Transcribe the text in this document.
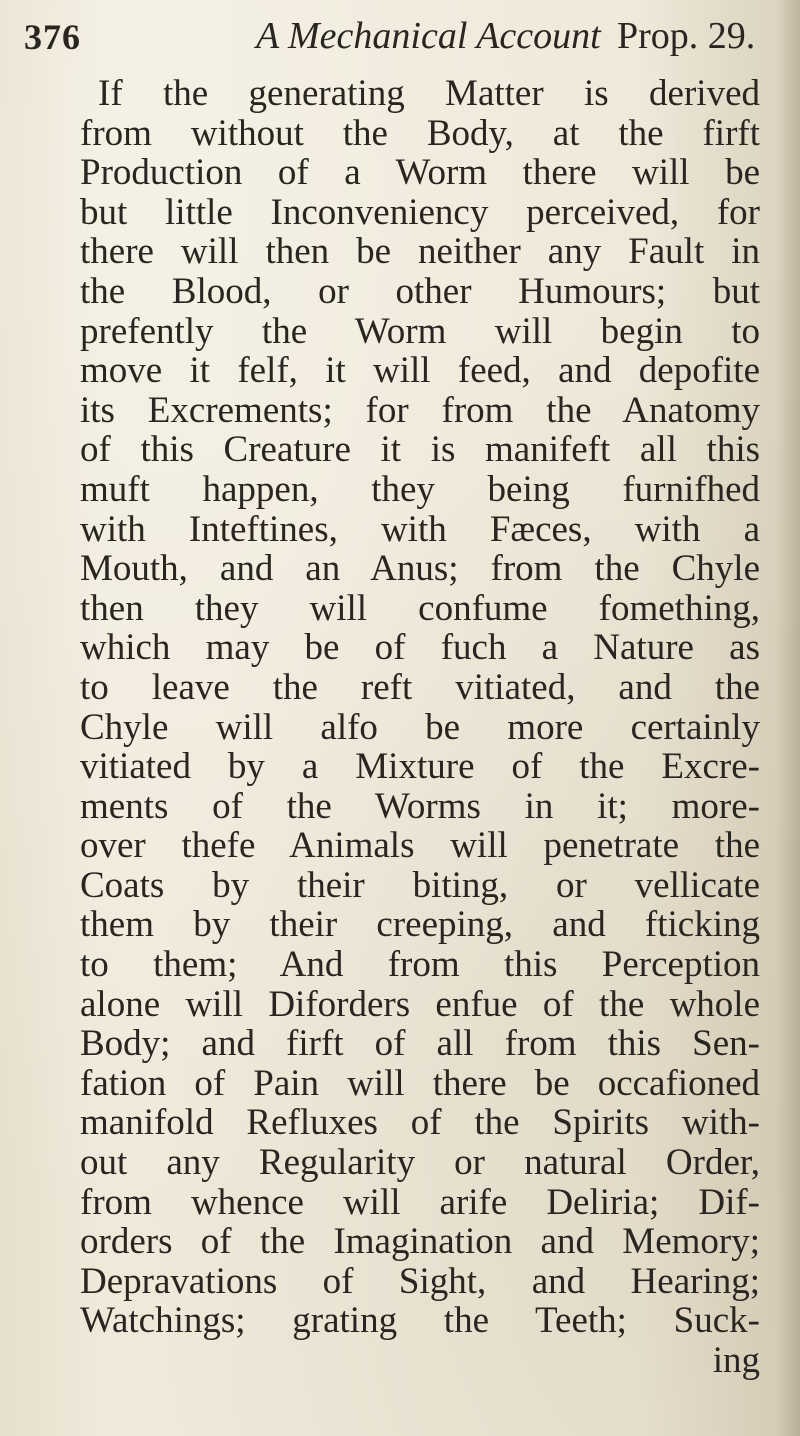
376	A Mechanical Account Prop. 29.
If the generating Matter is derived
from without the Body, at the firft
Production of a Worm there will be
but little Inconveniency perceived, for
there will then be neither any Fault in
the Blood, or other Humours; but
prefently the Worm will begin to
move it felf, it will feed, and depofite
its Excrements; for from the Anatomy
of this Creature it is manifeft all this
muft happen, they being furnifhed
with Inteftines, with Fæces, with a
Mouth, and an Anus; from the Chyle
then they will confume fomething,
which may be of fuch a Nature as
to leave the reft vitiated, and the
Chyle will alfo be more certainly
vitiated by a Mixture of the Excre-
ments of the Worms in it; more-
over thefe Animals will penetrate the
Coats by their biting, or vellicate
them by their creeping, and fticking
to them; And from this Perception
alone will Diforders enfue of the whole
Body; and firft of all from this Sen-
fation of Pain will there be occafioned
manifold Refluxes of the Spirits with-
out any Regularity or natural Order,
from whence will arife Deliria; Dif-
orders of the Imagination and Memory;
Depravations of Sight, and Hearing;
Watchings; grating the Teeth; Suck-
ing
